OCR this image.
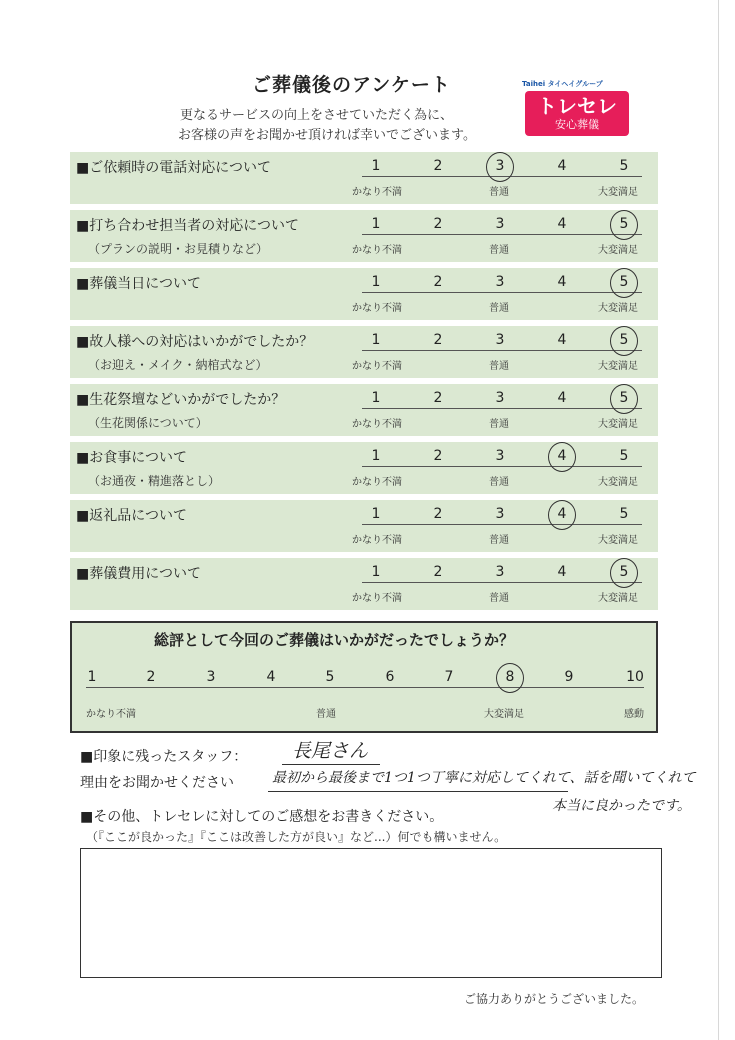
ご葬儀後のアンケート
更なるサービスの向上をさせていただく為に、
お客様の声をお聞かせ頂ければ幸いでございます。
Taihei タイヘイグループ
トレセレ
安心葬儀
■ご依頼時の電話対応について	1	2	3	4	5
かなり不満	普通	大変満足
■打ち合わせ担当者の対応について
（プランの説明・お見積りなど）
1	2	3	4	5
かなり不満	普通	大変満足
■葬儀当日について	1	2	3	4	5
かなり不満	普通	大変満足
■故人様への対応はいかがでしたか？
（お迎え・メイク・納棺式など）
1	2	3	4	5
かなり不満	普通	大変満足
■生花祭壇などいかがでしたか？
（生花関係について）
1	2	3	4	5
かなり不満	普通	大変満足
■お食事について
（お通夜・精進落とし）
1	2	3	4	5
かなり不満	普通	大変満足
■返礼品について	1	2	3	4	5
かなり不満	普通	大変満足
■葬儀費用について	1	2	3	4	5
かなり不満	普通	大変満足
総評として今回のご葬儀はいかがだったでしょうか？
1	2	3	4	5	6	7	8	9	10
かなり不満	普通	大変満足	感動
■印象に残ったスタッフ： 長尾さん
理由をお聞かせください	最初から最後まで1つ1つ丁寧に対応してくれて、話を聞いてくれて
本当に良かったです。
■その他、トレセレに対してのご感想をお書きください。
（『ここが良かった』『ここは改善した方が良い』など...）何でも構いません。
ご協力ありがとうございました。
